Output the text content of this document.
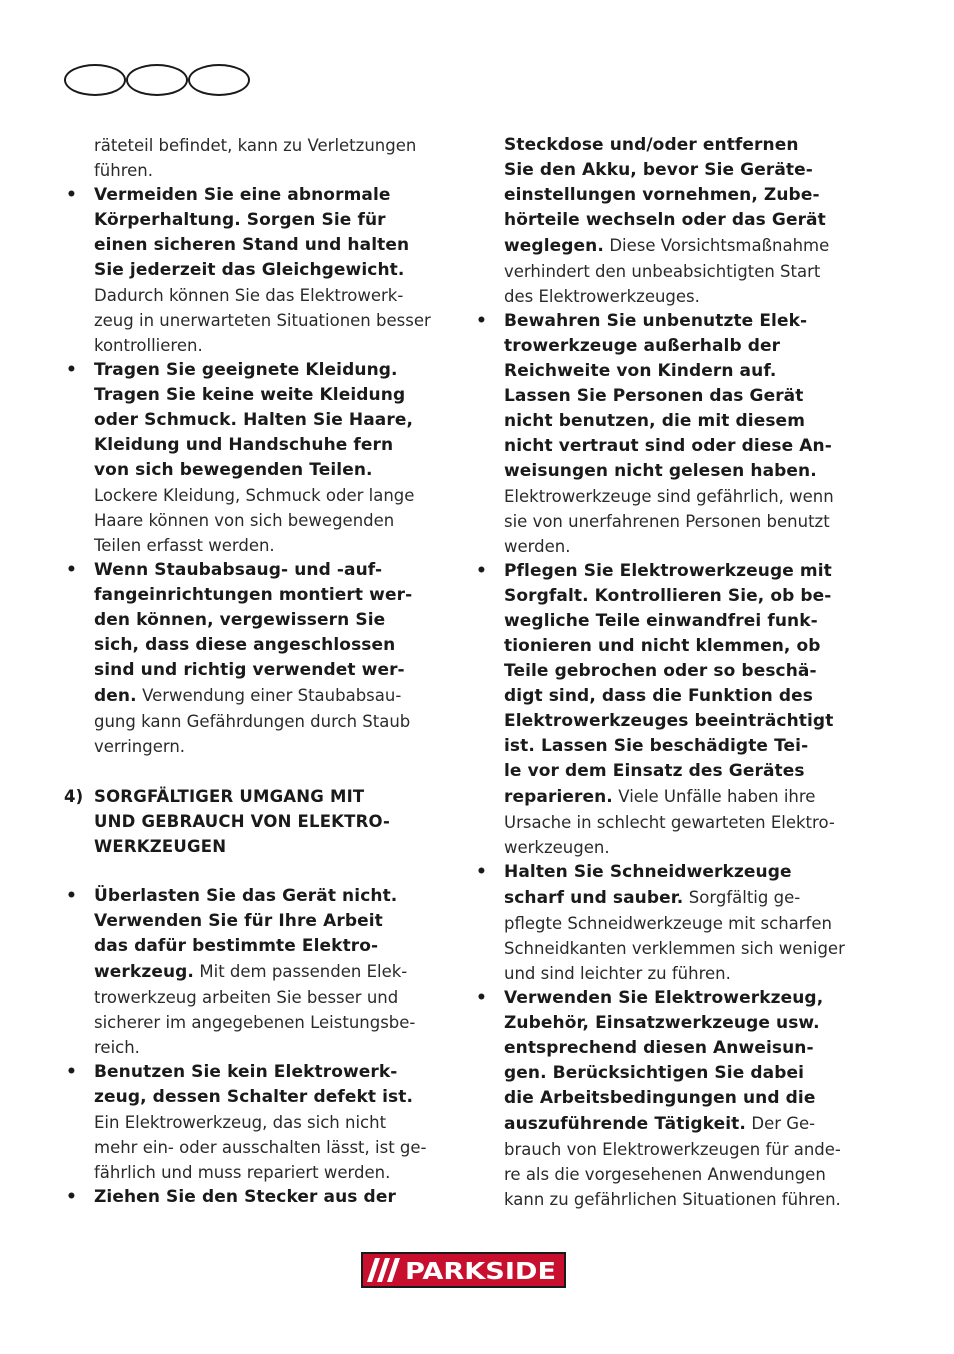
räteteil befindet, kann zu Verletzungen
führen.
• Vermeiden Sie eine abnormale
Körperhaltung. Sorgen Sie für
einen sicheren Stand und halten
Sie jederzeit das Gleichgewicht.
Dadurch können Sie das Elektrowerk-
zeug in unerwarteten Situationen besser
kontrollieren.
• Tragen Sie geeignete Kleidung.
Tragen Sie keine weite Kleidung
oder Schmuck. Halten Sie Haare,
Kleidung und Handschuhe fern
von sich bewegenden Teilen.
Lockere Kleidung, Schmuck oder lange
Haare können von sich bewegenden
Teilen erfasst werden.
• Wenn Staubabsaug- und -auf-
fangeinrichtungen montiert wer-
den können, vergewissern Sie
sich, dass diese angeschlossen
sind und richtig verwendet wer-
den. Verwendung einer Staubabsau-
gung kann Gefährdungen durch Staub
verringern.
4) SORGFÄLTIGER UMGANG MIT
UND GEBRAUCH VON ELEKTRO-
WERKZEUGEN
• Überlasten Sie das Gerät nicht.
Verwenden Sie für Ihre Arbeit
das dafür bestimmte Elektro-
werkzeug. Mit dem passenden Elek-
trowerkzeug arbeiten Sie besser und
sicherer im angegebenen Leistungsbe-
reich.
• Benutzen Sie kein Elektrowerk-
zeug, dessen Schalter defekt ist.
Ein Elektrowerkzeug, das sich nicht
mehr ein- oder ausschalten lässt, ist ge-
fährlich und muss repariert werden.
• Ziehen Sie den Stecker aus der
Steckdose und/oder entfernen
Sie den Akku, bevor Sie Geräte-
einstellungen vornehmen, Zube-
hörteile wechseln oder das Gerät
weglegen. Diese Vorsichtsmaßnahme
verhindert den unbeabsichtigten Start
des Elektrowerkzeuges.
• Bewahren Sie unbenutzte Elek-
trowerkzeuge außerhalb der
Reichweite von Kindern auf.
Lassen Sie Personen das Gerät
nicht benutzen, die mit diesem
nicht vertraut sind oder diese An-
weisungen nicht gelesen haben.
Elektrowerkzeuge sind gefährlich, wenn
sie von unerfahrenen Personen benutzt
werden.
• Pflegen Sie Elektrowerkzeuge mit
Sorgfalt. Kontrollieren Sie, ob be-
wegliche Teile einwandfrei funk-
tionieren und nicht klemmen, ob
Teile gebrochen oder so beschä-
digt sind, dass die Funktion des
Elektrowerkzeuges beeinträchtigt
ist. Lassen Sie beschädigte Tei-
le vor dem Einsatz des Gerätes
reparieren. Viele Unfälle haben ihre
Ursache in schlecht gewarteten Elektro-
werkzeugen.
• Halten Sie Schneidwerkzeuge
scharf und sauber. Sorgfältig ge-
pflegte Schneidwerkzeuge mit scharfen
Schneidkanten verklemmen sich weniger
und sind leichter zu führen.
• Verwenden Sie Elektrowerkzeug,
Zubehör, Einsatzwerkzeuge usw.
entsprechend diesen Anweisun-
gen. Berücksichtigen Sie dabei
die Arbeitsbedingungen und die
auszuführende Tätigkeit. Der Ge-
brauch von Elektrowerkzeugen für ande-
re als die vorgesehenen Anwendungen
kann zu gefährlichen Situationen führen.
PARKSIDE
